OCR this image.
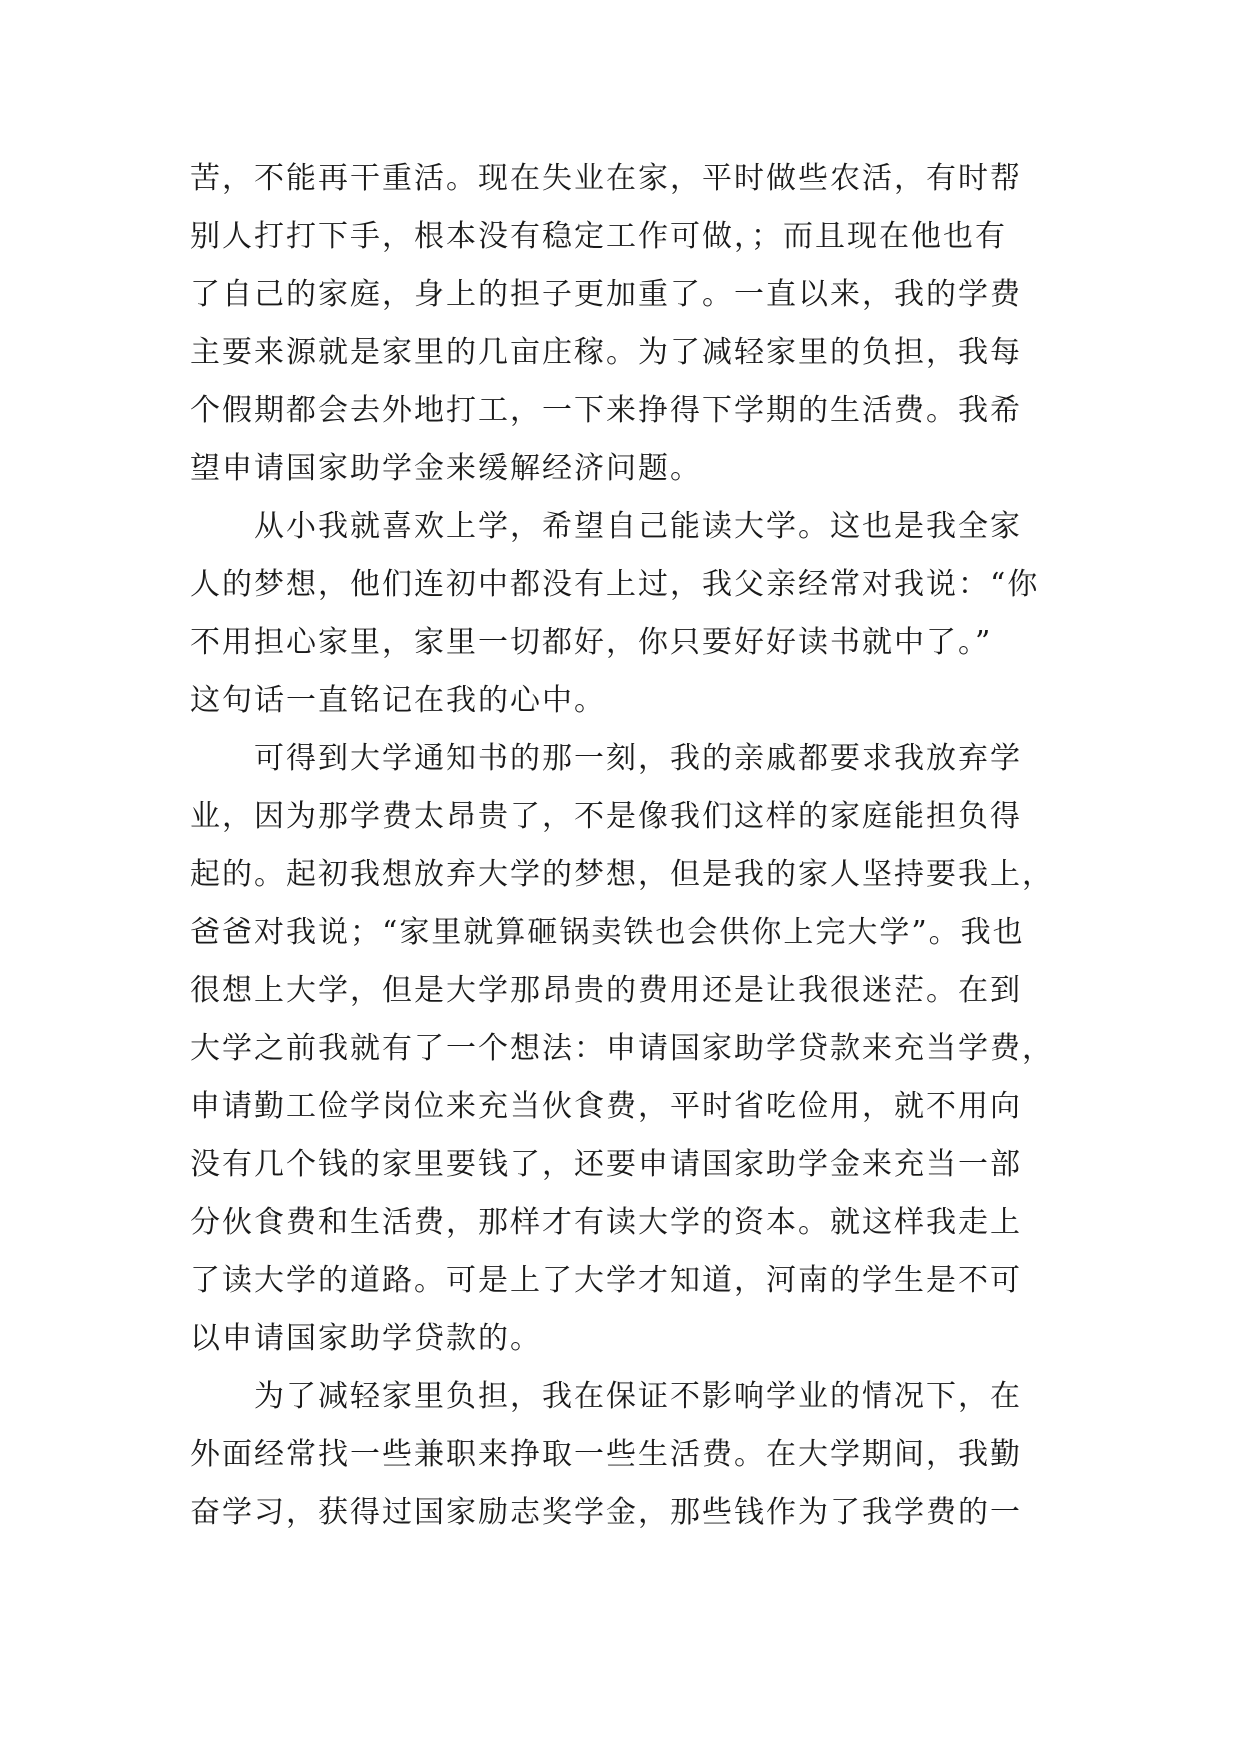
苦，不能再干重活。现在失业在家，平时做些农活，有时帮
别人打打下手，根本没有稳定工作可做，；而且现在他也有
了自己的家庭，身上的担子更加重了。一直以来，我的学费
主要来源就是家里的几亩庄稼。为了减轻家里的负担，我每
个假期都会去外地打工，一下来挣得下学期的生活费。我希
望申请国家助学金来缓解经济问题。
从小我就喜欢上学，希望自己能读大学。这也是我全家
人的梦想，他们连初中都没有上过，我父亲经常对我说：“你
不用担心家里，家里一切都好，你只要好好读书就中了。”
这句话一直铭记在我的心中。
可得到大学通知书的那一刻，我的亲戚都要求我放弃学
业，因为那学费太昂贵了，不是像我们这样的家庭能担负得
起的。起初我想放弃大学的梦想，但是我的家人坚持要我上，
爸爸对我说；“家里就算砸锅卖铁也会供你上完大学”。我也
很想上大学，但是大学那昂贵的费用还是让我很迷茫。在到
大学之前我就有了一个想法：申请国家助学贷款来充当学费，
申请勤工俭学岗位来充当伙食费，平时省吃俭用，就不用向
没有几个钱的家里要钱了，还要申请国家助学金来充当一部
分伙食费和生活费，那样才有读大学的资本。就这样我走上
了读大学的道路。可是上了大学才知道，河南的学生是不可
以申请国家助学贷款的。
为了减轻家里负担，我在保证不影响学业的情况下，在
外面经常找一些兼职来挣取一些生活费。在大学期间，我勤
奋学习，获得过国家励志奖学金，那些钱作为了我学费的一
